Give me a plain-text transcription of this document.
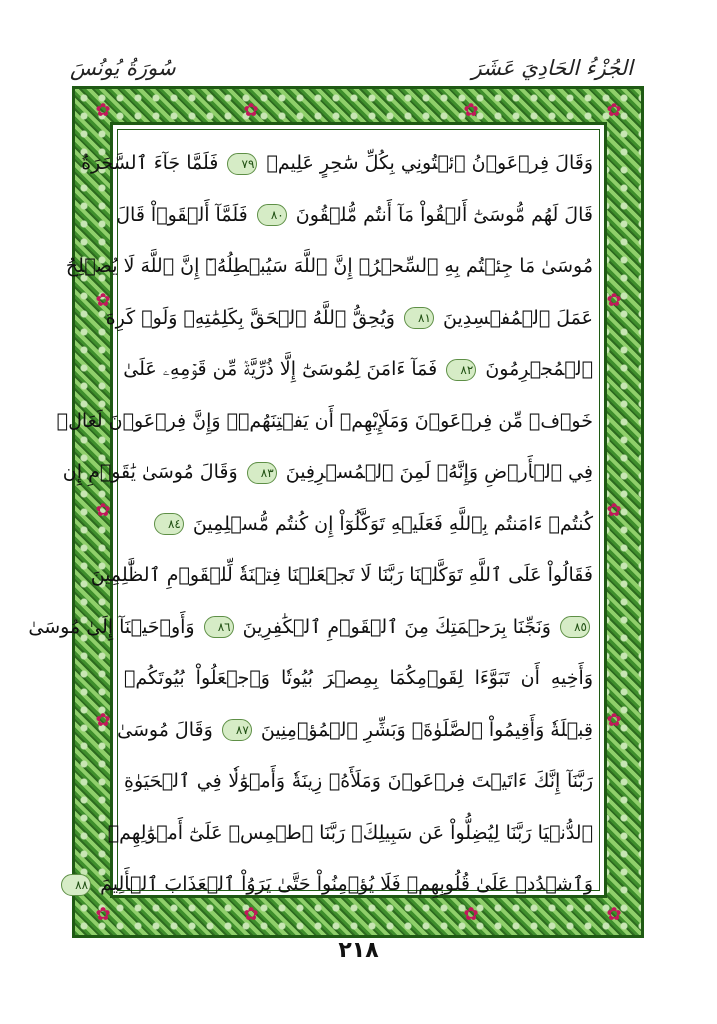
الجُزْءُ الحَادِيَ عَشَرَ
سُورَةُ يُونُسَ
✿	✿
✿	✿
✿
✿
✿
✿
✿
✿
✿	✿
✿	✿
وَقَالَ فِرۡعَوۡنُ ٱئۡتُونِي بِكُلِّ سَٰحِرٍ عَلِيمٖ ٧٩ فَلَمَّا جَآءَ ٱلسَّحَرَةُ
قَالَ لَهُم مُّوسَىٰٓ أَلۡقُواْ مَآ أَنتُم مُّلۡقُونَ ٨٠ فَلَمَّآ أَلۡقَوۡاْ قَالَ
مُوسَىٰ مَا جِئۡتُم بِهِ ٱلسِّحۡرُۖ إِنَّ ٱللَّهَ سَيُبۡطِلُهُۥٓ إِنَّ ٱللَّهَ لَا يُصۡلِحُ
عَمَلَ ٱلۡمُفۡسِدِينَ ٨١ وَيُحِقُّ ٱللَّهُ ٱلۡحَقَّ بِكَلِمَٰتِهِۦ وَلَوۡ كَرِهَ
ٱلۡمُجۡرِمُونَ ٨٢ فَمَآ ءَامَنَ لِمُوسَىٰٓ إِلَّا ذُرِّيَّةٞ مِّن قَوۡمِهِۦ عَلَىٰ
خَوۡفٖ مِّن فِرۡعَوۡنَ وَمَلَإِيْهِمۡ أَن يَفۡتِنَهُمۡۚ وَإِنَّ فِرۡعَوۡنَ لَعَالٖ
فِي ٱلۡأَرۡضِ وَإِنَّهُۥ لَمِنَ ٱلۡمُسۡرِفِينَ ٨٣ وَقَالَ مُوسَىٰ يَٰقَوۡمِ إِن
كُنتُمۡ ءَامَنتُم بِٱللَّهِ فَعَلَيۡهِ تَوَكَّلُوٓاْ إِن كُنتُم مُّسۡلِمِينَ ٨٤
فَقَالُواْ عَلَى ٱللَّهِ تَوَكَّلۡنَا رَبَّنَا لَا تَجۡعَلۡنَا فِتۡنَةٗ لِّلۡقَوۡمِ ٱلظَّٰلِمِينَ
٨٥ وَنَجِّنَا بِرَحۡمَتِكَ مِنَ ٱلۡقَوۡمِ ٱلۡكَٰفِرِينَ ٨٦ وَأَوۡحَيۡنَآ إِلَىٰ مُوسَىٰ
وَأَخِيهِ أَن تَبَوَّءَا لِقَوۡمِكُمَا بِمِصۡرَ بُيُوتٗا وَٱجۡعَلُواْ بُيُوتَكُمۡ
قِبۡلَةٗ وَأَقِيمُواْ ٱلصَّلَوٰةَۗ وَبَشِّرِ ٱلۡمُؤۡمِنِينَ ٨٧ وَقَالَ مُوسَىٰ
رَبَّنَآ إِنَّكَ ءَاتَيۡتَ فِرۡعَوۡنَ وَمَلَأَهُۥ زِينَةٗ وَأَمۡوَٰلٗا فِي ٱلۡحَيَوٰةِ
ٱلدُّنۡيَا رَبَّنَا لِيُضِلُّواْ عَن سَبِيلِكَۖ رَبَّنَا ٱطۡمِسۡ عَلَىٰٓ أَمۡوَٰلِهِمۡ
وَٱشۡدُدۡ عَلَىٰ قُلُوبِهِمۡ فَلَا يُؤۡمِنُواْ حَتَّىٰ يَرَوُاْ ٱلۡعَذَابَ ٱلۡأَلِيمَ ٨٨
٢١٨
